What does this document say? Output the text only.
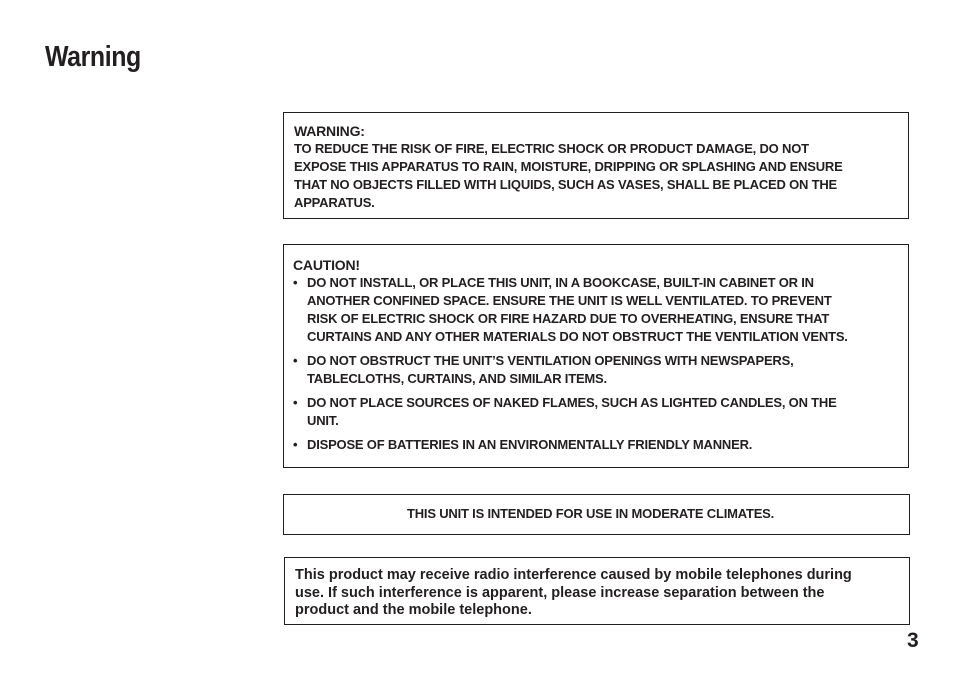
Warning
WARNING:
TO REDUCE THE RISK OF FIRE, ELECTRIC SHOCK OR PRODUCT DAMAGE, DO NOT
EXPOSE THIS APPARATUS TO RAIN, MOISTURE, DRIPPING OR SPLASHING AND ENSURE
THAT NO OBJECTS FILLED WITH LIQUIDS, SUCH AS VASES, SHALL BE PLACED ON THE
APPARATUS.
CAUTION!
• DO NOT INSTALL, OR PLACE THIS UNIT, IN A BOOKCASE, BUILT-IN CABINET OR IN
ANOTHER CONFINED SPACE. ENSURE THE UNIT IS WELL VENTILATED. TO PREVENT
RISK OF ELECTRIC SHOCK OR FIRE HAZARD DUE TO OVERHEATING, ENSURE THAT
CURTAINS AND ANY OTHER MATERIALS DO NOT OBSTRUCT THE VENTILATION VENTS.
• DO NOT OBSTRUCT THE UNIT’S VENTILATION OPENINGS WITH NEWSPAPERS,
TABLECLOTHS, CURTAINS, AND SIMILAR ITEMS.
• DO NOT PLACE SOURCES OF NAKED FLAMES, SUCH AS LIGHTED CANDLES, ON THE
UNIT.
• DISPOSE OF BATTERIES IN AN ENVIRONMENTALLY FRIENDLY MANNER.
THIS UNIT IS INTENDED FOR USE IN MODERATE CLIMATES.
This product may receive radio interference caused by mobile telephones during
use. If such interference is apparent, please increase separation between the
product and the mobile telephone.
3
